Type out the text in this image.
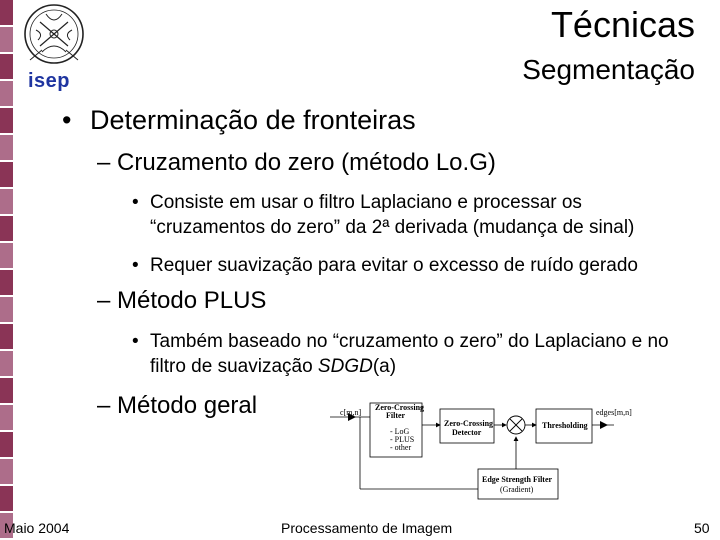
isep
Técnicas
Segmentação
• Determinação de fronteiras
– Cruzamento do zero (método Lo.G)
• Consiste em usar o filtro Laplaciano e processar os
“cruzamentos do zero” da 2ª derivada (mudança de sinal)
• Requer suavização para evitar o excesso de ruído gerado
– Método PLUS
• Também baseado no “cruzamento o zero” do Laplaciano e no
filtro de suavização SDGD(a)
– Método geral	c[m,n]
Zero-Crossing
Filter
- LoG
- PLUS
- other
Zero-Crossing
Detector
Thresholding
edges[m,n]
Edge Strength Filter
(Gradient)
Maio 2004	Processamento de Imagem	50
